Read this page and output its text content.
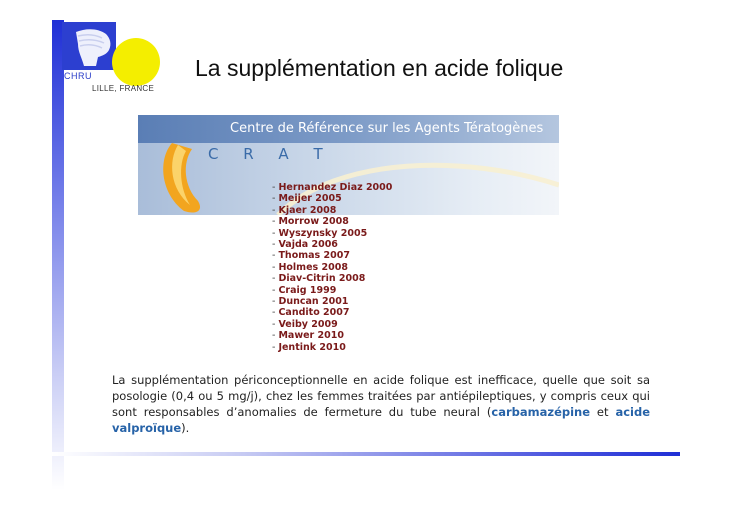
CHRU
LILLE, FRANCE
La supplémentation en acide folique
Centre de Référence sur les Agents Tératogènes
C R A T
- Hernandez Diaz 2000
- Meijer 2005
- Kjaer 2008
- Morrow 2008
- Wyszynsky 2005
- Vajda 2006
- Thomas 2007
- Holmes 2008
- Diav-Citrin 2008
- Craig 1999
- Duncan 2001
- Candito 2007
- Veiby 2009
- Mawer 2010
- Jentink 2010
La supplémentation périconceptionnelle en acide folique est inefficace, quelle que soit sa posologie (0,4 ou 5 mg/j), chez les femmes traitées par antiépileptiques, y compris ceux qui sont responsables d’anomalies de fermeture du tube neural (carbamazépine et acide valproïque).
